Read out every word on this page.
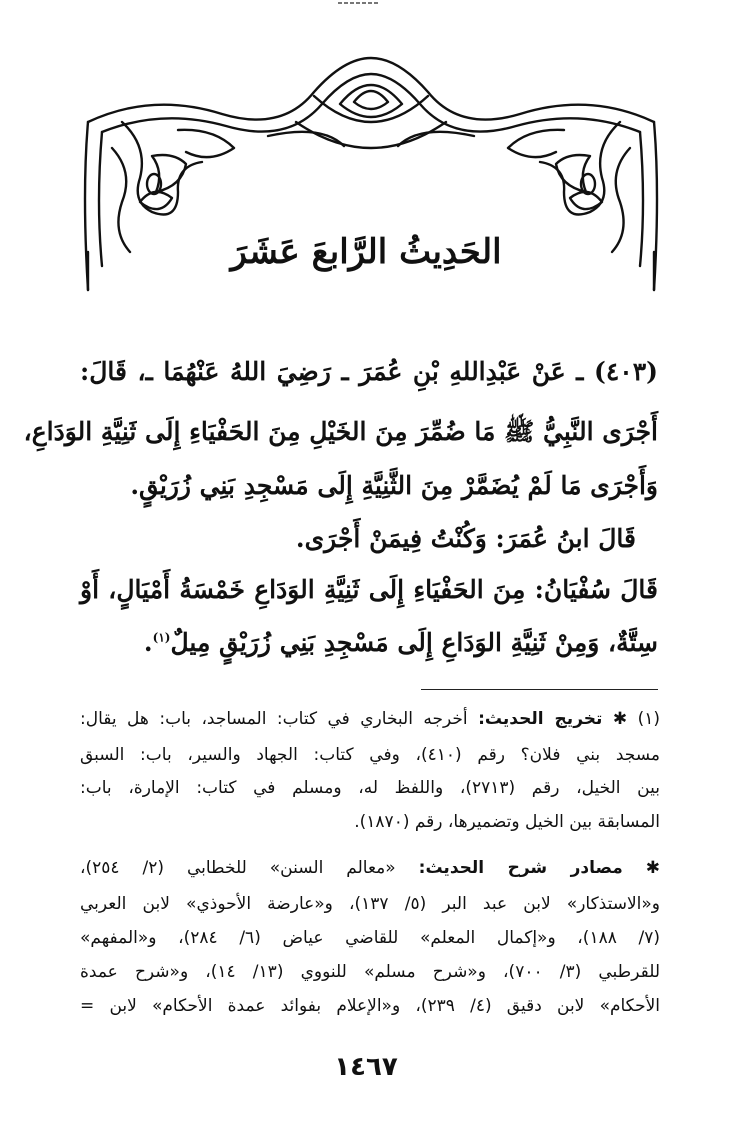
الحَدِيثُ الرَّابعَ عَشَرَ
(٤٠٣) ـ عَنْ عَبْدِاللهِ بْنِ عُمَرَ ـ رَضِيَ اللهُ عَنْهُمَا ـ، قَالَ:
أَجْرَى النَّبِيُّ ﷺ مَا ضُمِّرَ مِنَ الخَيْلِ مِنَ الحَفْيَاءِ إِلَى ثَنِيَّةِ الوَدَاعِ،
وَأَجْرَى مَا لَمْ يُضَمَّرْ مِنَ الثَّنِيَّةِ إِلَى مَسْجِدِ بَنِي زُرَيْقٍ.
قَالَ ابنُ عُمَرَ: وَكُنْتُ فِيمَنْ أَجْرَى.
قَالَ سُفْيَانُ: مِنَ الحَفْيَاءِ إِلَى ثَنِيَّةِ الوَدَاعِ خَمْسَةُ أَمْيَالٍ، أَوْ
سِتَّةٌ، وَمِنْ ثَنِيَّةِ الوَدَاعِ إِلَى مَسْجِدِ بَنِي زُرَيْقٍ مِيلٌ$^{(١)}$.
(١) ✱ تخريج الحديث: أخرجه البخاري في كتاب: المساجد، باب: هل يقال:
مسجد بني فلان؟ رقم (٤١٠)، وفي كتاب: الجهاد والسير، باب: السبق
بين الخيل، رقم (٢٧١٣)، واللفظ له، ومسلم في كتاب: الإمارة، باب:
المسابقة بين الخيل وتضميرها، رقم (١٨٧٠).
✱ مصادر شرح الحديث: «معالم السنن» للخطابي (٢/ ٢٥٤)،
و«الاستذكار» لابن عبد البر (٥/ ١٣٧)، و«عارضة الأحوذي» لابن العربي
(٧/ ١٨٨)، و«إكمال المعلم» للقاضي عياض (٦/ ٢٨٤)، و«المفهم»
للقرطبي (٣/ ٧٠٠)، و«شرح مسلم» للنووي (١٣/ ١٤)، و«شرح عمدة
الأحكام» لابن دقيق (٤/ ٢٣٩)، و«الإعلام بفوائد عمدة الأحكام» لابن =
١٤٦٧
